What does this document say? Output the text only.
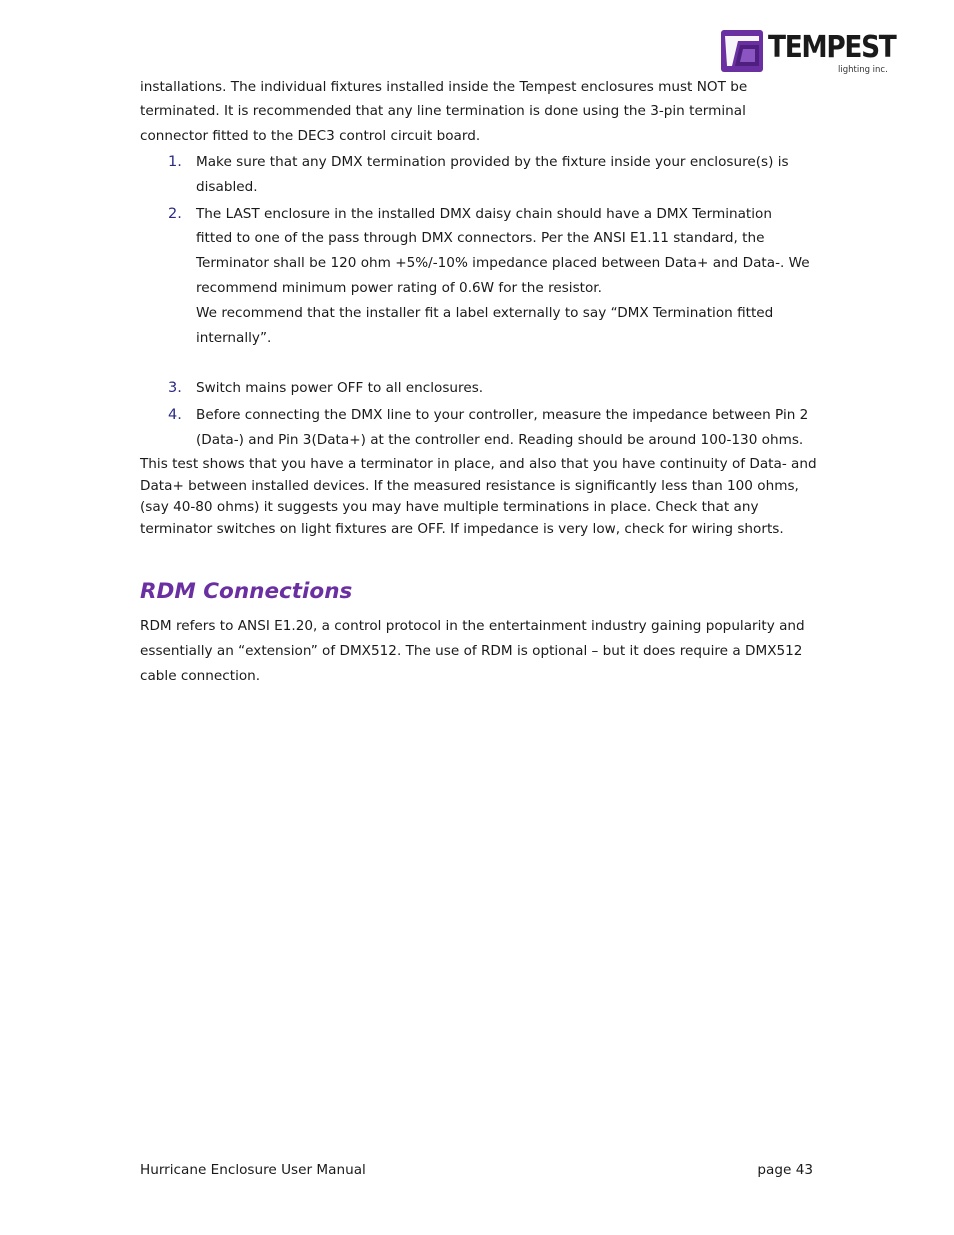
TEMPEST
lighting inc.
installations. The individual fixtures installed inside the Tempest enclosures must NOT be
terminated. It is recommended that any line termination is done using the 3-pin terminal
connector fitted to the DEC3 control circuit board.
1. Make sure that any DMX termination provided by the fixture inside your enclosure(s) is
disabled.
2. The LAST enclosure in the installed DMX daisy chain should have a DMX Termination
fitted to one of the pass through DMX connectors. Per the ANSI E1.11 standard, the
Terminator shall be 120 ohm +5%/-10% impedance placed between Data+ and Data-. We
recommend minimum power rating of 0.6W for the resistor.
We recommend that the installer fit a label externally to say “DMX Termination fitted
internally”.
3. Switch mains power OFF to all enclosures.
4. Before connecting the DMX line to your controller, measure the impedance between Pin 2
(Data-) and Pin 3(Data+) at the controller end. Reading should be around 100-130 ohms.
This test shows that you have a terminator in place, and also that you have continuity of Data- and
Data+ between installed devices. If the measured resistance is significantly less than 100 ohms,
(say 40-80 ohms) it suggests you may have multiple terminations in place. Check that any
terminator switches on light fixtures are OFF. If impedance is very low, check for wiring shorts.
RDM Connections
RDM refers to ANSI E1.20, a control protocol in the entertainment industry gaining popularity and
essentially an “extension” of DMX512. The use of RDM is optional – but it does require a DMX512
cable connection.
Hurricane Enclosure User Manual	page 43
